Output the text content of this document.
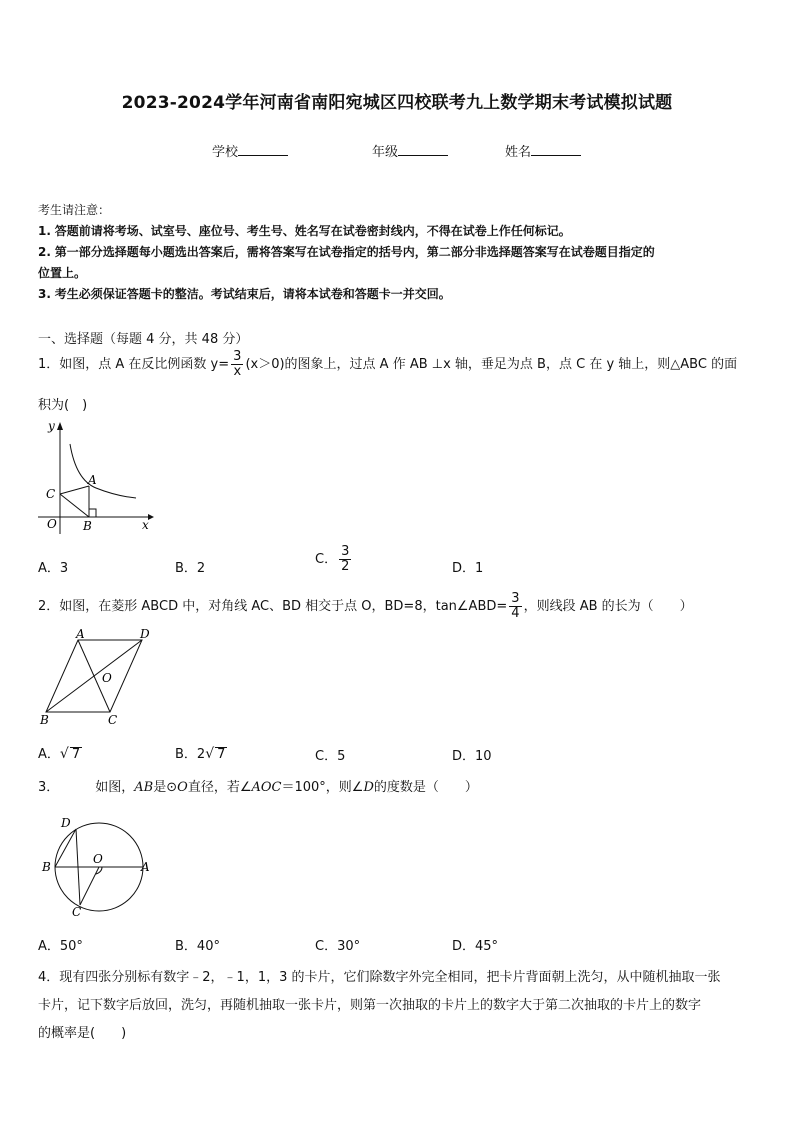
2023-2024学年河南省南阳宛城区四校联考九上数学期末考试模拟试题
学校	年级	姓名
考生请注意：
1. 答题前请将考场、试室号、座位号、考生号、姓名写在试卷密封线内，不得在试卷上作任何标记。
2. 第一部分选择题每小题选出答案后，需将答案写在试卷指定的括号内，第二部分非选择题答案写在试卷题目指定的
位置上。
3. 考生必须保证答题卡的整洁。考试结束后，请将本试卷和答题卡一并交回。
一、选择题（每题 4 分，共 48 分）
1．如图，点 A 在反比例函数 $y= \frac{3}{x} (x>0)$的图象上，过点 A 作 AB ⊥x 轴，垂足为点 B，点 C 在 y 轴上，则△ABC 的面
积为(　)
y
x
O
A
B
C
A．3	B．2
C． $\frac{3}{2}$	D．1
2．如图，在菱形 ABCD 中，对角线 AC、BD 相交于点 O，BD=8，tan∠ABD= $\frac{3}{4}$ ，则线段 AB 的长为（　　）
A	D
B	C
O
A．√ 7	B．2√ 7	C．5	D．10
3．	如图，AB是⊙O直径，若∠AOC＝100°，则∠D的度数是（　　）
D
B
O
A
C
A．50°	B．40°	C．30°	D．45°
4．现有四张分别标有数字﹣2，﹣1，1，3 的卡片，它们除数字外完全相同，把卡片背面朝上洗匀，从中随机抽取一张
卡片，记下数字后放回，洗匀，再随机抽取一张卡片，则第一次抽取的卡片上的数字大于第二次抽取的卡片上的数字
的概率是(　　)
